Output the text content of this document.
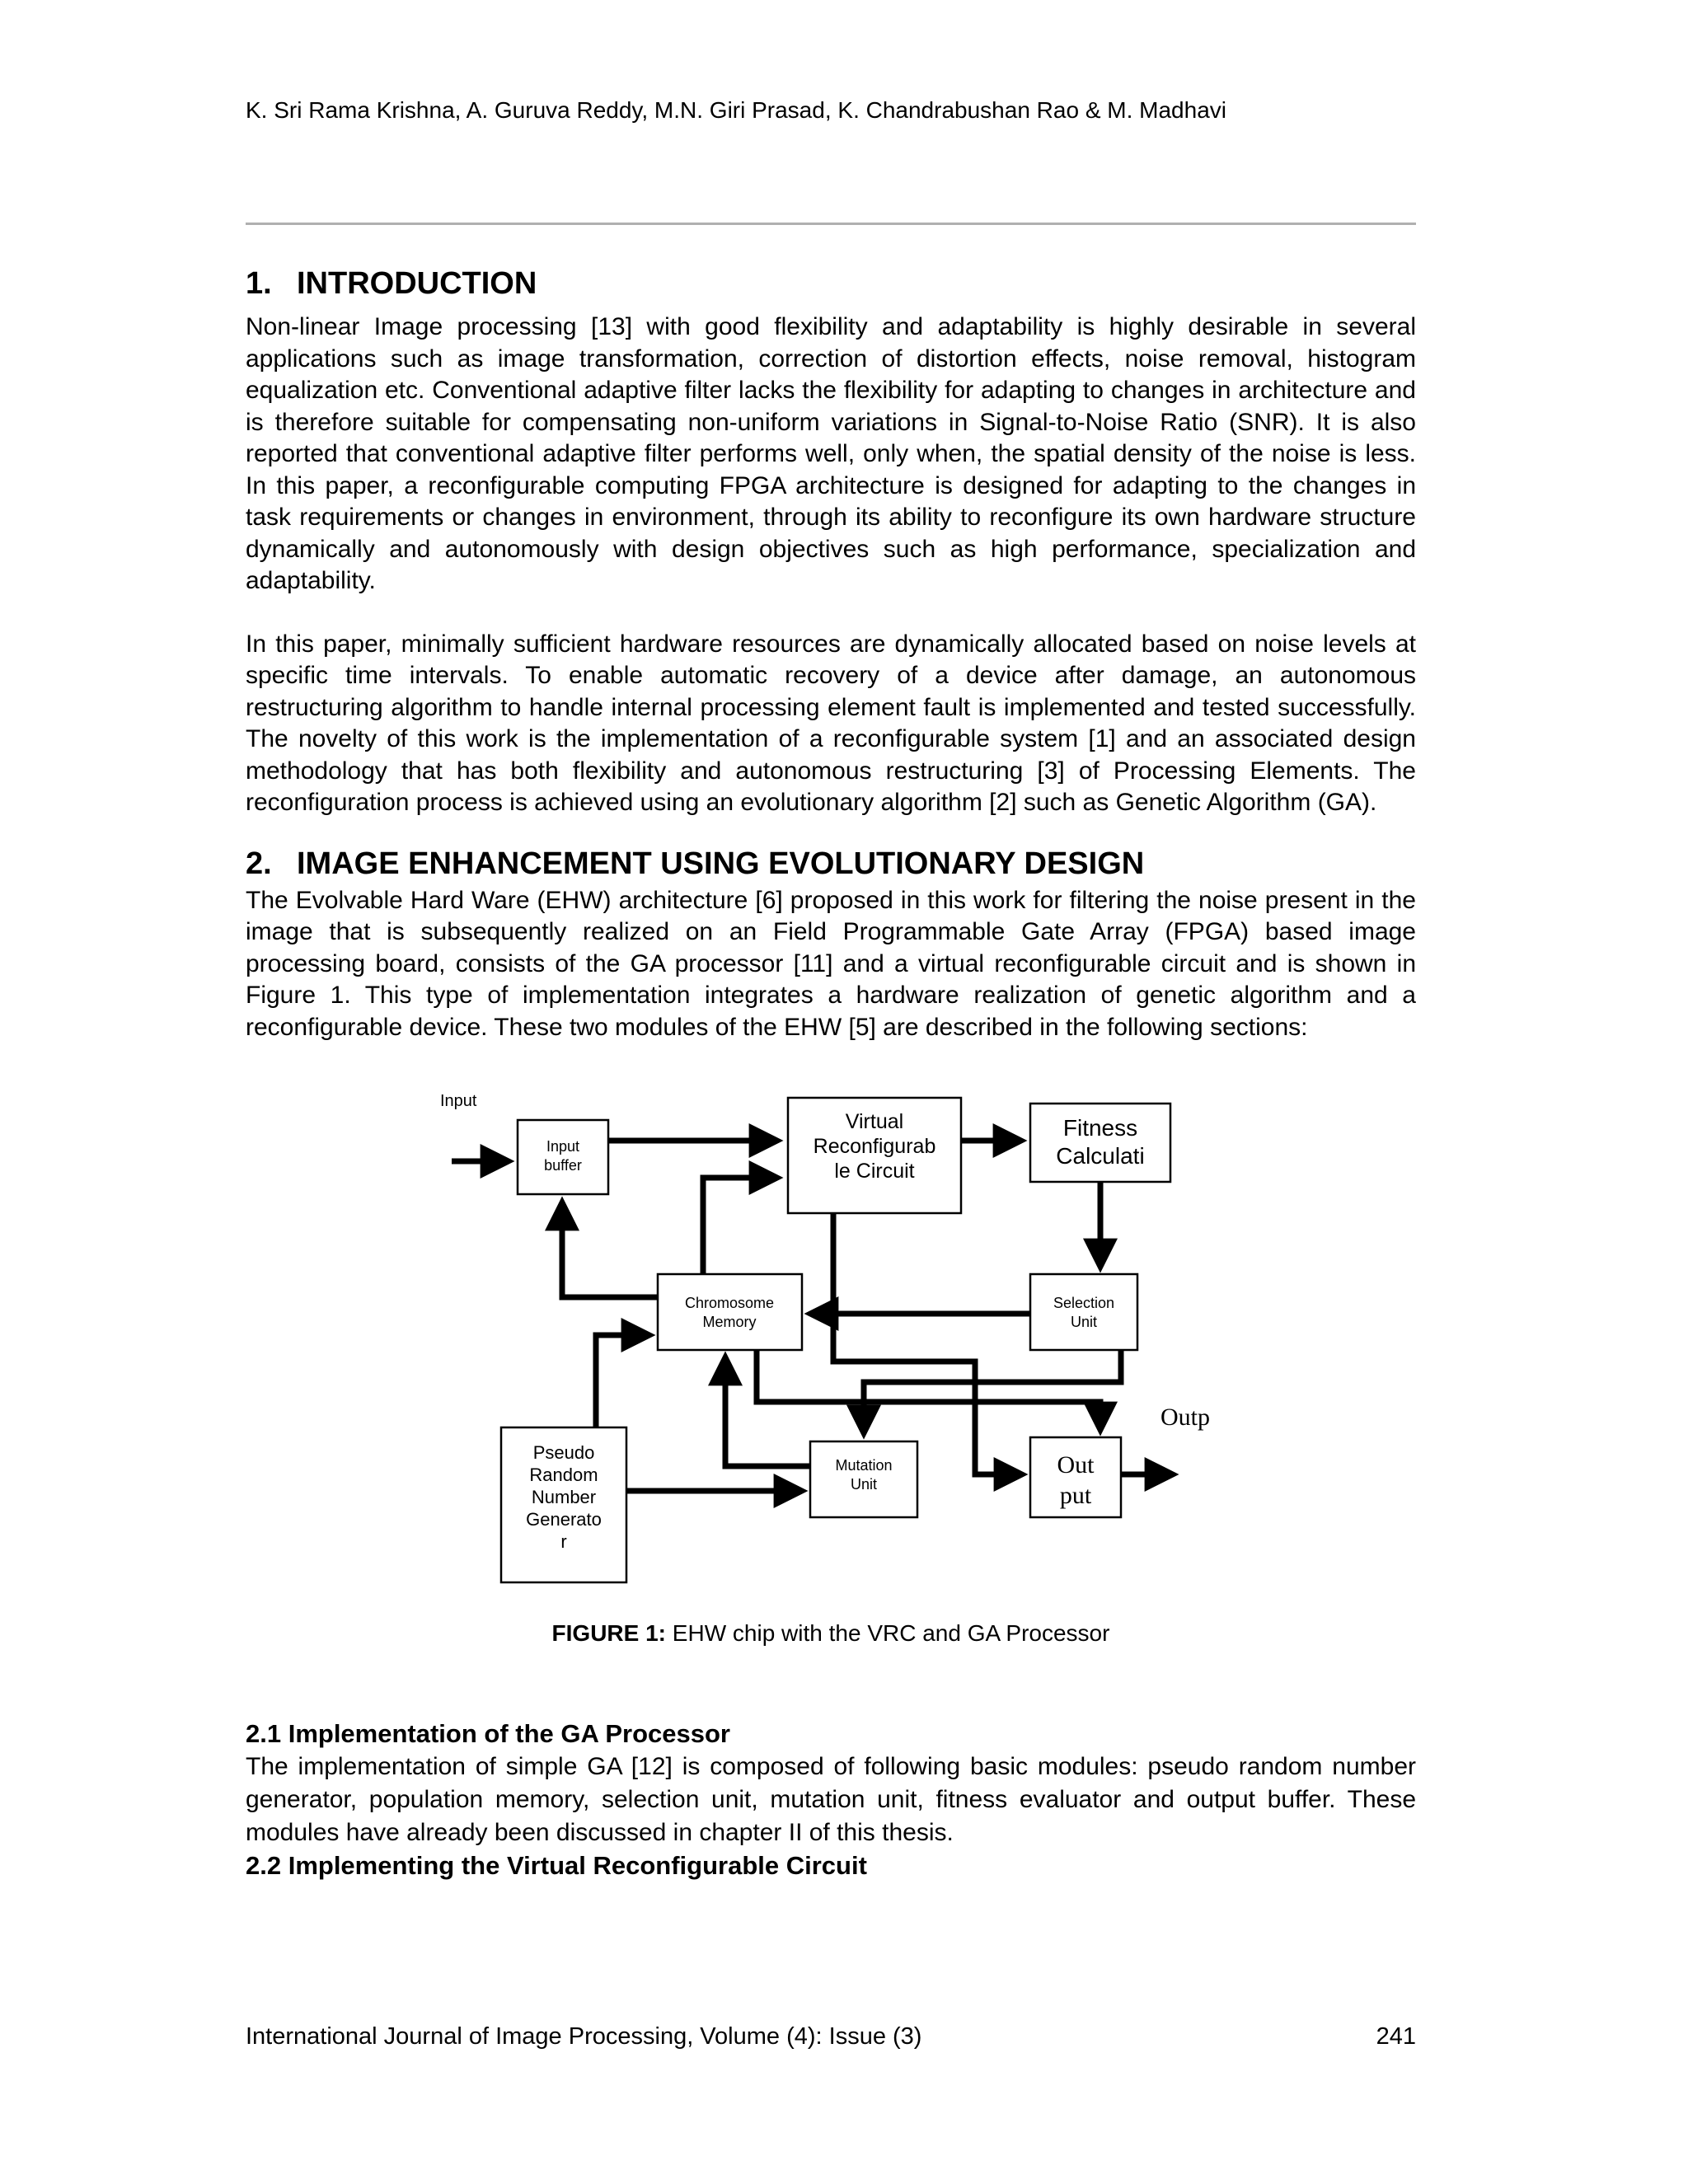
K. Sri Rama Krishna, A. Guruva Reddy, M.N. Giri Prasad, K. Chandrabushan Rao & M. Madhavi
1. INTRODUCTION

Non-linear Image processing [13] with good flexibility and adaptability is highly desirable in several applications such as image transformation, correction of distortion effects, noise removal, histogram equalization etc. Conventional adaptive filter lacks the flexibility for adapting to changes in architecture and is therefore suitable for compensating non-uniform variations in Signal-to-Noise Ratio (SNR). It is also reported that conventional adaptive filter performs well, only when, the spatial density of the noise is less. In this paper, a reconfigurable computing FPGA architecture is designed for adapting to the changes in task requirements or changes in environment, through its ability to reconfigure its own hardware structure dynamically and autonomously with design objectives such as high performance, specialization and adaptability.

In this paper, minimally sufficient hardware resources are dynamically allocated based on noise levels at specific time intervals. To enable automatic recovery of a device after damage, an autonomous restructuring algorithm to handle internal processing element fault is implemented and tested successfully. The novelty of this work is the implementation of a reconfigurable system [1] and an associated design methodology that has both flexibility and autonomous restructuring [3] of Processing Elements. The reconfiguration process is achieved using an evolutionary algorithm [2] such as Genetic Algorithm (GA).

2. IMAGE ENHANCEMENT USING EVOLUTIONARY DESIGN

The Evolvable Hard Ware (EHW) architecture [6] proposed in this work for filtering the noise present in the image that is subsequently realized on an Field Programmable Gate Array (FPGA) based image processing board, consists of the GA processor [11] and a virtual reconfigurable circuit and is shown in Figure 1. This type of implementation integrates a hardware realization of genetic algorithm and a reconfigurable device. These two modules of the EHW [5] are described in the following sections:

Input
Input
buffer
Virtual
Reconfigurab
le Circuit
Fitness
Calculati
Chromosome
Memory
Selection
Unit
Pseudo
Random
Number
Generato
r
Mutation
Unit
Out
put
Outp
FIGURE 1: EHW chip with the VRC and GA Processor
2.1 Implementation of the GA Processor

The implementation of simple GA [12] is composed of following basic modules: pseudo random number generator, population memory, selection unit, mutation unit, fitness evaluator and output buffer. These modules have already been discussed in chapter II of this thesis.

2.2 Implementing the Virtual Reconfigurable Circuit
International Journal of Image Processing, Volume (4): Issue (3)	241
